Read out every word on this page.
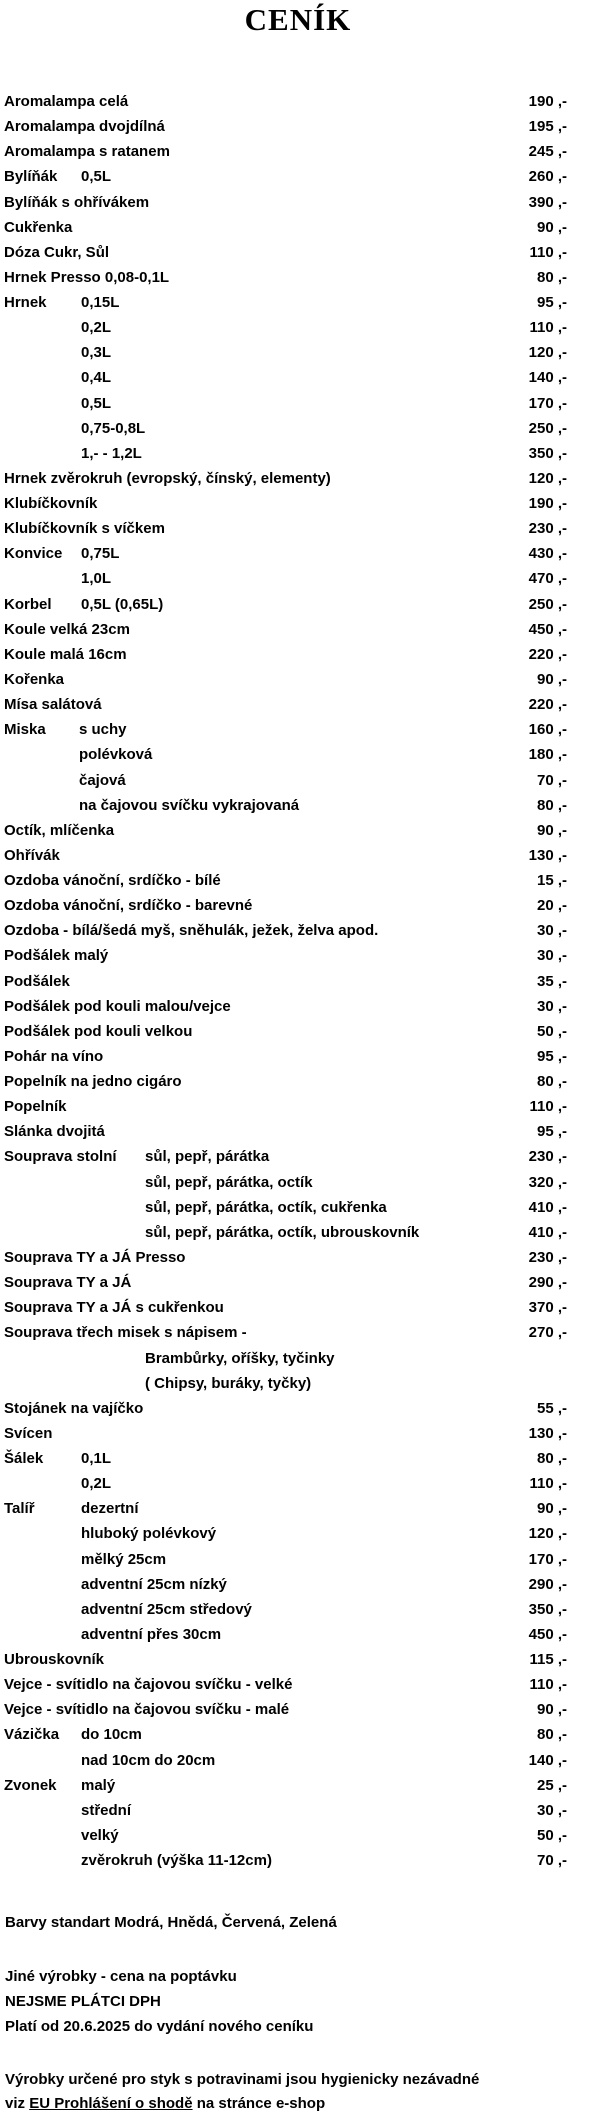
CENÍK
Aromalampa celá	190 ,-
Aromalampa dvojdílná	195 ,-
Aromalampa s ratanem	245 ,-
Bylíňák 0,5L	260 ,-
Bylíňák s ohřívákem	390 ,-
Cukřenka	90 ,-
Dóza Cukr, Sůl	110 ,-
Hrnek Presso 0,08-0,1L	80 ,-
Hrnek 0,15L	95 ,-
0,2L	110 ,-
0,3L	120 ,-
0,4L	140 ,-
0,5L	170 ,-
0,75-0,8L	250 ,-
1,- - 1,2L	350 ,-
Hrnek zvěrokruh (evropský, čínský, elementy)	120 ,-
Klubíčkovník	190 ,-
Klubíčkovník s víčkem	230 ,-
Konvice 0,75L	430 ,-
1,0L	470 ,-
Korbel 0,5L (0,65L)	250 ,-
Koule velká 23cm	450 ,-
Koule malá 16cm	220 ,-
Kořenka	90 ,-
Mísa salátová	220 ,-
Miska s uchy	160 ,-
polévková	180 ,-
čajová	70 ,-
na čajovou svíčku vykrajovaná	80 ,-
Octík, mlíčenka	90 ,-
Ohřívák	130 ,-
Ozdoba vánoční, srdíčko - bílé	15 ,-
Ozdoba vánoční, srdíčko - barevné	20 ,-
Ozdoba - bílá/šedá myš, sněhulák, ježek, želva apod.	30 ,-
Podšálek malý	30 ,-
Podšálek	35 ,-
Podšálek pod kouli malou/vejce	30 ,-
Podšálek pod kouli velkou	50 ,-
Pohár na víno	95 ,-
Popelník na jedno cigáro	80 ,-
Popelník	110 ,-
Slánka dvojitá	95 ,-
Souprava stolní sůl, pepř, párátka	230 ,-
sůl, pepř, párátka, octík	320 ,-
sůl, pepř, párátka, octík, cukřenka	410 ,-
sůl, pepř, párátka, octík, ubrouskovník	410 ,-
Souprava TY a JÁ Presso	230 ,-
Souprava TY a JÁ	290 ,-
Souprava TY a JÁ s cukřenkou	370 ,-
Souprava třech misek s nápisem -	270 ,-
Brambůrky, oříšky, tyčinky
( Chipsy, buráky, tyčky)
Stojánek na vajíčko	55 ,-
Svícen	130 ,-
Šálek	0,1L	80 ,-
0,2L	110 ,-
Talíř	dezertní	90 ,-
hluboký polévkový	120 ,-
mělký 25cm	170 ,-
adventní 25cm nízký	290 ,-
adventní 25cm středový	350 ,-
adventní přes 30cm	450 ,-
Ubrouskovník	115 ,-
Vejce - svítidlo na čajovou svíčku - velké	110 ,-
Vejce - svítidlo na čajovou svíčku - malé	90 ,-
Vázička do 10cm	80 ,-
nad 10cm do 20cm	140 ,-
Zvonek malý	25 ,-
střední	30 ,-
velký	50 ,-
zvěrokruh (výška 11-12cm)	70 ,-
Barvy standart Modrá, Hnědá, Červená, Zelená
Jiné výrobky - cena na poptávku
NEJSME PLÁTCI DPH
Platí od 20.6.2025 do vydání nového ceníku
Výrobky určené pro styk s potravinami jsou hygienicky nezávadné
viz EU Prohlášení o shodě na stránce e-shop
